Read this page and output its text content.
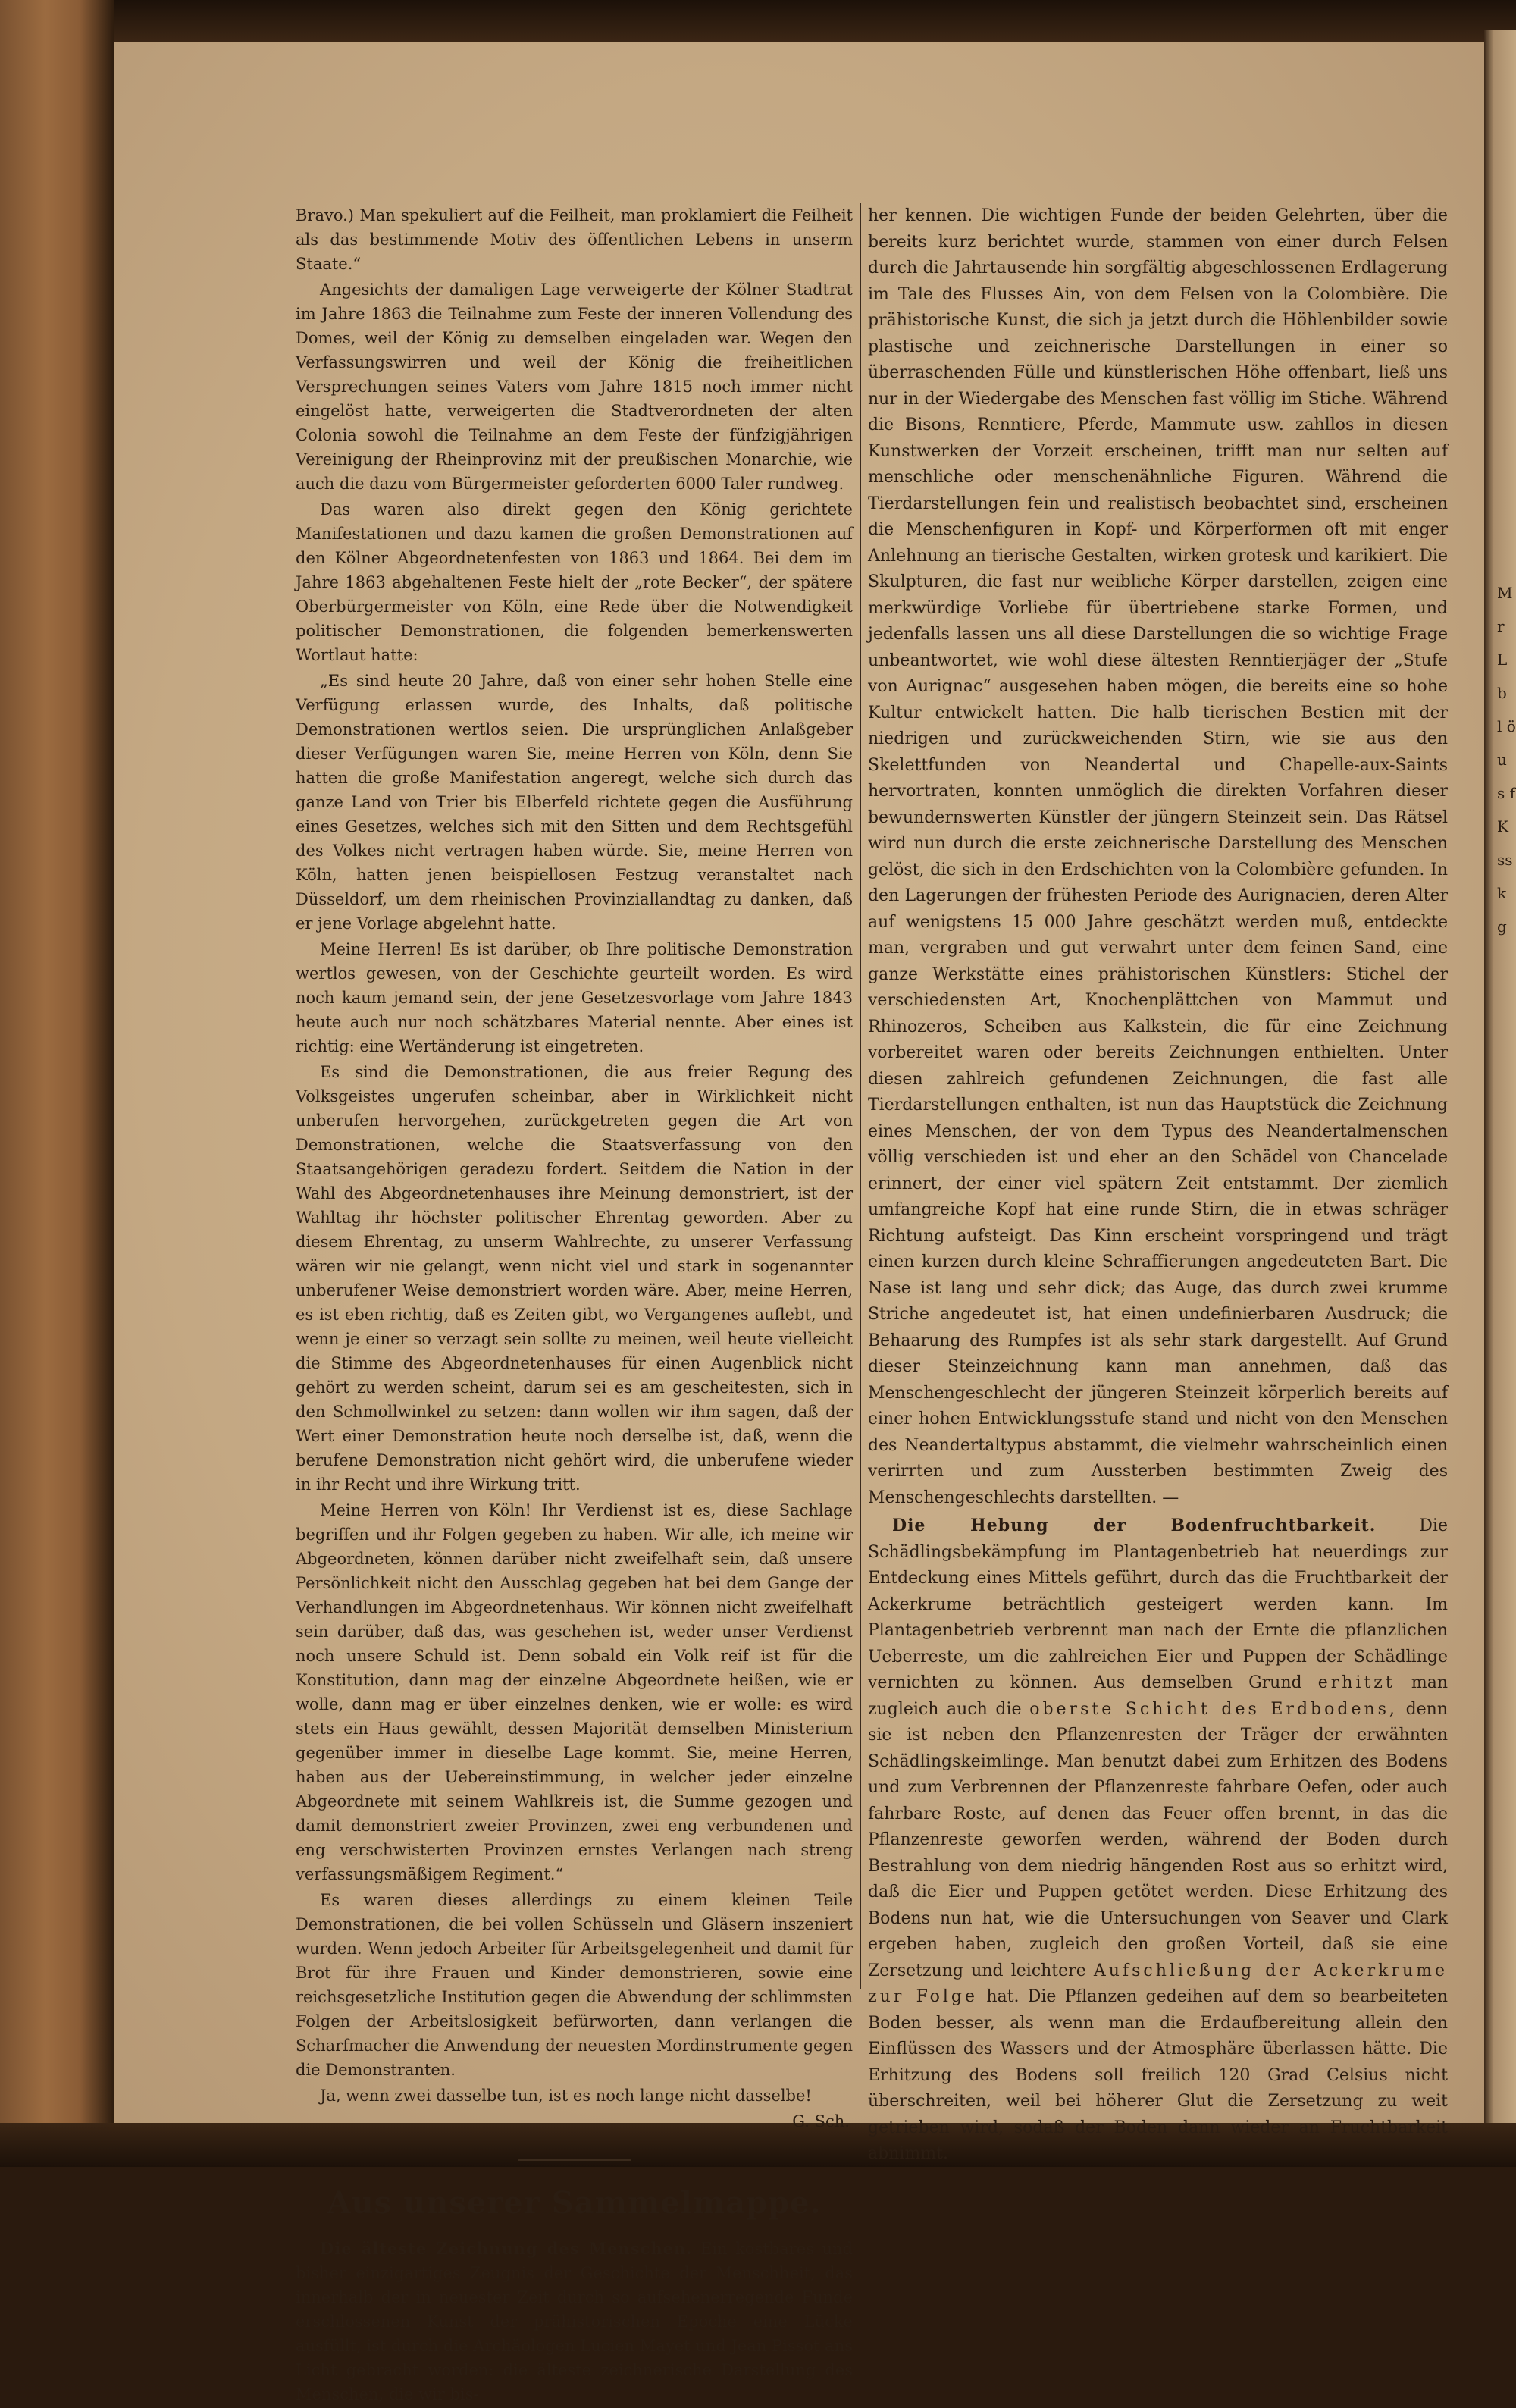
M r L b l ö u s f K ss k g

Bravo.) Man spekuliert auf die Feilheit, man proklamiert die Feilheit als das bestimmende Motiv des öffentlichen Lebens in unserm Staate.“

Angesichts der damaligen Lage verweigerte der Kölner Stadtrat im Jahre 1863 die Teilnahme zum Feste der inneren Vollendung des Domes, weil der König zu demselben eingeladen war. Wegen den Verfassungswirren und weil der König die freiheitlichen Versprechungen seines Vaters vom Jahre 1815 noch immer nicht eingelöst hatte, verweigerten die Stadtverordneten der alten Colonia sowohl die Teilnahme an dem Feste der fünfzigjährigen Vereinigung der Rheinprovinz mit der preußischen Monarchie, wie auch die dazu vom Bürgermeister geforderten 6000 Taler rundweg.

Das waren also direkt gegen den König gerichtete Manifestationen und dazu kamen die großen Demonstrationen auf den Kölner Abgeordnetenfesten von 1863 und 1864. Bei dem im Jahre 1863 abgehaltenen Feste hielt der „rote Becker“, der spätere Oberbürgermeister von Köln, eine Rede über die Notwendigkeit politischer Demonstrationen, die folgenden bemerkenswerten Wortlaut hatte:

„Es sind heute 20 Jahre, daß von einer sehr hohen Stelle eine Verfügung erlassen wurde, des Inhalts, daß politische Demonstrationen wertlos seien. Die ursprünglichen Anlaßgeber dieser Verfügungen waren Sie, meine Herren von Köln, denn Sie hatten die große Manifestation angeregt, welche sich durch das ganze Land von Trier bis Elberfeld richtete gegen die Ausführung eines Gesetzes, welches sich mit den Sitten und dem Rechtsgefühl des Volkes nicht vertragen haben würde. Sie, meine Herren von Köln, hatten jenen beispiellosen Festzug veranstaltet nach Düsseldorf, um dem rheinischen Provinziallandtag zu danken, daß er jene Vorlage abgelehnt hatte.

Meine Herren! Es ist darüber, ob Ihre politische Demonstration wertlos gewesen, von der Geschichte geurteilt worden. Es wird noch kaum jemand sein, der jene Gesetzesvorlage vom Jahre 1843 heute auch nur noch schätzbares Material nennte. Aber eines ist richtig: eine Wertänderung ist eingetreten.

Es sind die Demonstrationen, die aus freier Regung des Volksgeistes ungerufen scheinbar, aber in Wirklichkeit nicht unberufen hervorgehen, zurückgetreten gegen die Art von Demonstrationen, welche die Staatsverfassung von den Staatsangehörigen geradezu fordert. Seitdem die Nation in der Wahl des Abgeordnetenhauses ihre Meinung demonstriert, ist der Wahltag ihr höchster politischer Ehrentag geworden. Aber zu diesem Ehrentag, zu unserm Wahlrechte, zu unserer Verfassung wären wir nie gelangt, wenn nicht viel und stark in sogenannter unberufener Weise demonstriert worden wäre. Aber, meine Herren, es ist eben richtig, daß es Zeiten gibt, wo Vergangenes auflebt, und wenn je einer so verzagt sein sollte zu meinen, weil heute vielleicht die Stimme des Abgeordnetenhauses für einen Augenblick nicht gehört zu werden scheint, darum sei es am gescheitesten, sich in den Schmollwinkel zu setzen: dann wollen wir ihm sagen, daß der Wert einer Demonstration heute noch derselbe ist, daß, wenn die berufene Demonstration nicht gehört wird, die unberufene wieder in ihr Recht und ihre Wirkung tritt.

Meine Herren von Köln! Ihr Verdienst ist es, diese Sachlage begriffen und ihr Folgen gegeben zu haben. Wir alle, ich meine wir Abgeordneten, können darüber nicht zweifelhaft sein, daß unsere Persönlichkeit nicht den Ausschlag gegeben hat bei dem Gange der Verhandlungen im Abgeordnetenhaus. Wir können nicht zweifelhaft sein darüber, daß das, was geschehen ist, weder unser Verdienst noch unsere Schuld ist. Denn sobald ein Volk reif ist für die Konstitution, dann mag der einzelne Abgeordnete heißen, wie er wolle, dann mag er über einzelnes denken, wie er wolle: es wird stets ein Haus gewählt, dessen Majorität demselben Ministerium gegenüber immer in dieselbe Lage kommt. Sie, meine Herren, haben aus der Uebereinstimmung, in welcher jeder einzelne Abgeordnete mit seinem Wahlkreis ist, die Summe gezogen und damit demonstriert zweier Provinzen, zwei eng verbundenen und eng verschwisterten Provinzen ernstes Verlangen nach streng verfassungsmäßigem Regiment.“

Es waren dieses allerdings zu einem kleinen Teile Demonstrationen, die bei vollen Schüsseln und Gläsern inszeniert wurden. Wenn jedoch Arbeiter für Arbeitsgelegenheit und damit für Brot für ihre Frauen und Kinder demonstrieren, sowie eine reichsgesetzliche Institution gegen die Abwendung der schlimmsten Folgen der Arbeitslosigkeit befürworten, dann verlangen die Scharfmacher die Anwendung der neuesten Mordinstrumente gegen die Demonstranten.

Ja, wenn zwei dasselbe tun, ist es noch lange nicht dasselbe!

G. Sch.

Aus unserer Sammelmappe.

Die älteste Zeichnung des Menschen. Ein kostbares und bisher einzigartiges Zeugnis der Geschichte der Menschheit, das innerhalb der in neuester Zeit durch so aufsehenerregende Funde erschlossenen Kunst der prähistorischen Epoche eine Lücke ausfüllt, ist durch die Archäologen Lucien Mayet und Jean Pissot ans Licht gebracht worden: die älteste zeichnerische Darstellung des Menschen, die wir bis-

her kennen. Die wichtigen Funde der beiden Gelehrten, über die bereits kurz berichtet wurde, stammen von einer durch Felsen durch die Jahrtausende hin sorgfältig abgeschlossenen Erdlagerung im Tale des Flusses Ain, von dem Felsen von la Colombière. Die prähistorische Kunst, die sich ja jetzt durch die Höhlenbilder sowie plastische und zeichnerische Darstellungen in einer so überraschenden Fülle und künstlerischen Höhe offenbart, ließ uns nur in der Wiedergabe des Menschen fast völlig im Stiche. Während die Bisons, Renntiere, Pferde, Mammute usw. zahllos in diesen Kunstwerken der Vorzeit erscheinen, trifft man nur selten auf menschliche oder menschenähnliche Figuren. Während die Tierdarstellungen fein und realistisch beobachtet sind, erscheinen die Menschenfiguren in Kopf- und Körperformen oft mit enger Anlehnung an tierische Gestalten, wirken grotesk und karikiert. Die Skulpturen, die fast nur weibliche Körper darstellen, zeigen eine merkwürdige Vorliebe für übertriebene starke Formen, und jedenfalls lassen uns all diese Darstellungen die so wichtige Frage unbeantwortet, wie wohl diese ältesten Renntierjäger der „Stufe von Aurignac“ ausgesehen haben mögen, die bereits eine so hohe Kultur entwickelt hatten. Die halb tierischen Bestien mit der niedrigen und zurückweichenden Stirn, wie sie aus den Skelettfunden von Neandertal und Chapelle-aux-Saints hervortraten, konnten unmöglich die direkten Vorfahren dieser bewundernswerten Künstler der jüngern Steinzeit sein. Das Rätsel wird nun durch die erste zeichnerische Darstellung des Menschen gelöst, die sich in den Erdschichten von la Colombière gefunden. In den Lagerungen der frühesten Periode des Aurignacien, deren Alter auf wenigstens 15 000 Jahre geschätzt werden muß, entdeckte man, vergraben und gut verwahrt unter dem feinen Sand, eine ganze Werkstätte eines prähistorischen Künstlers: Stichel der verschiedensten Art, Knochenplättchen von Mammut und Rhinozeros, Scheiben aus Kalkstein, die für eine Zeichnung vorbereitet waren oder bereits Zeichnungen enthielten. Unter diesen zahlreich gefundenen Zeichnungen, die fast alle Tierdarstellungen enthalten, ist nun das Hauptstück die Zeichnung eines Menschen, der von dem Typus des Neandertalmenschen völlig verschieden ist und eher an den Schädel von Chancelade erinnert, der einer viel spätern Zeit entstammt. Der ziemlich umfangreiche Kopf hat eine runde Stirn, die in etwas schräger Richtung aufsteigt. Das Kinn erscheint vorspringend und trägt einen kurzen durch kleine Schraffierungen angedeuteten Bart. Die Nase ist lang und sehr dick; das Auge, das durch zwei krumme Striche angedeutet ist, hat einen undefinierbaren Ausdruck; die Behaarung des Rumpfes ist als sehr stark dargestellt. Auf Grund dieser Steinzeichnung kann man annehmen, daß das Menschengeschlecht der jüngeren Steinzeit körperlich bereits auf einer hohen Entwicklungsstufe stand und nicht von den Menschen des Neandertaltypus abstammt, die vielmehr wahrscheinlich einen verirrten und zum Aussterben bestimmten Zweig des Menschengeschlechts darstellten. —

Die Hebung der Bodenfruchtbarkeit.	Die Schädlingsbekämpfung im Plantagenbetrieb hat neuerdings zur Entdeckung eines Mittels geführt, durch das die Fruchtbarkeit der Ackerkrume beträchtlich gesteigert werden kann. Im Plantagenbetrieb verbrennt man nach der Ernte die pflanzlichen Ueberreste, um die zahlreichen Eier und Puppen der Schädlinge vernichten zu können. Aus demselben Grund erhitzt man zugleich auch die oberste Schicht des Erdbodens, denn sie ist neben den Pflanzenresten der Träger der erwähnten Schädlingskeimlinge. Man benutzt dabei zum Erhitzen des Bodens und zum Verbrennen der Pflanzenreste fahrbare Oefen, oder auch fahrbare Roste, auf denen das Feuer offen brennt, in das die Pflanzenreste geworfen werden, während der Boden durch Bestrahlung von dem niedrig hängenden Rost aus so erhitzt wird, daß die Eier und Puppen getötet werden. Diese Erhitzung des Bodens nun hat, wie die Untersuchungen von Seaver und Clark ergeben haben, zugleich den großen Vorteil, daß sie eine Zersetzung und leichtere Aufschließung der Ackerkrume zur Folge hat. Die Pflanzen gedeihen auf dem so bearbeiteten Boden besser, als wenn man die Erdaufbereitung allein den Einflüssen des Wassers und der Atmosphäre überlassen hätte. Die Erhitzung des Bodens soll freilich 120 Grad Celsius nicht überschreiten, weil bei höherer Glut die Zersetzung zu weit getrieben wird, sodaß der Boden dann wieder an Fruchtbarkeit abnimmt.
